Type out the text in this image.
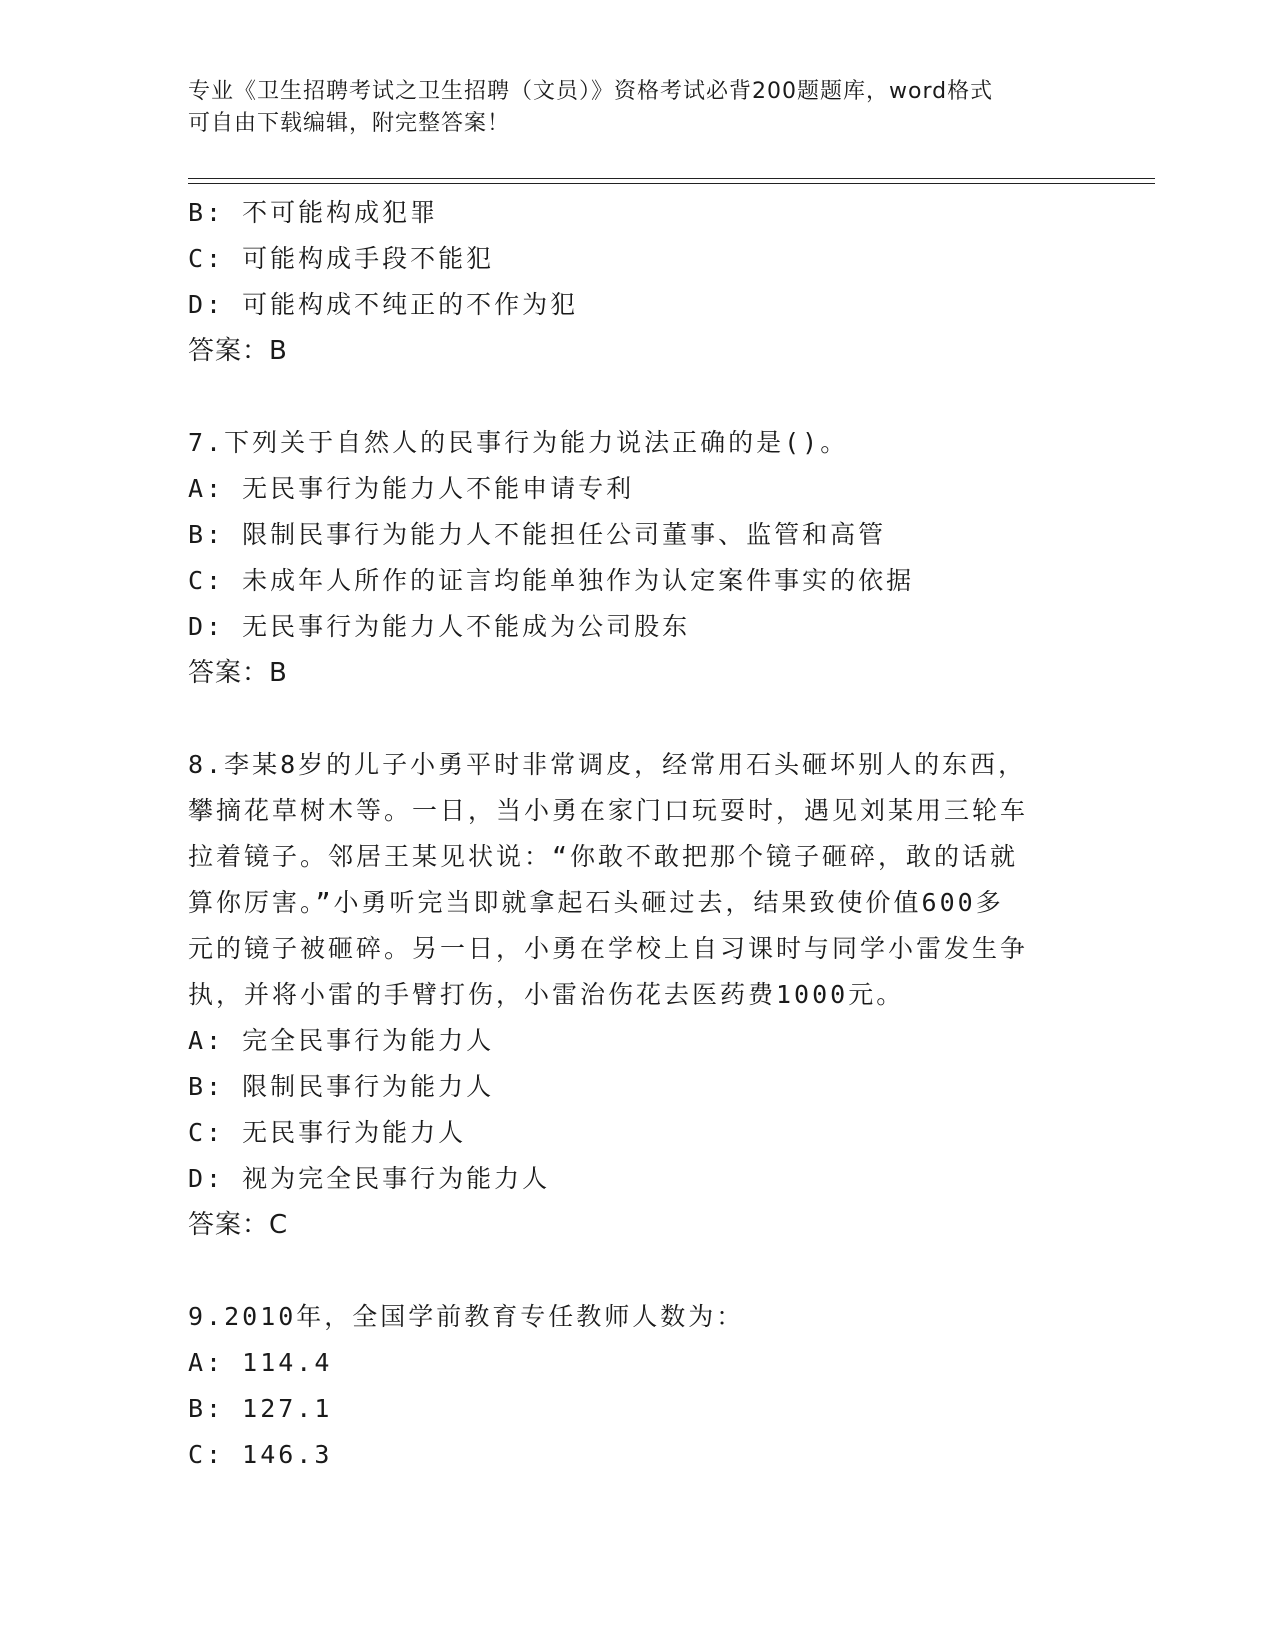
专业《卫生招聘考试之卫生招聘（文员）》资格考试必背200题题库，word格式
可自由下载编辑，附完整答案！
B: 不可能构成犯罪
C: 可能构成手段不能犯
D: 可能构成不纯正的不作为犯
答案：B
7.下列关于自然人的民事行为能力说法正确的是()。
A: 无民事行为能力人不能申请专利
B: 限制民事行为能力人不能担任公司董事、监管和高管
C: 未成年人所作的证言均能单独作为认定案件事实的依据
D: 无民事行为能力人不能成为公司股东
答案：B
8.李某8岁的儿子小勇平时非常调皮，经常用石头砸坏别人的东西，
攀摘花草树木等。一日，当小勇在家门口玩耍时，遇见刘某用三轮车
拉着镜子。邻居王某见状说：“你敢不敢把那个镜子砸碎，敢的话就
算你厉害。”小勇听完当即就拿起石头砸过去，结果致使价值600多
元的镜子被砸碎。另一日，小勇在学校上自习课时与同学小雷发生争
执，并将小雷的手臂打伤，小雷治伤花去医药费1000元。
A: 完全民事行为能力人
B: 限制民事行为能力人
C: 无民事行为能力人
D: 视为完全民事行为能力人
答案：C
9.2010年，全国学前教育专任教师人数为：
A: 114.4
B: 127.1
C: 146.3
